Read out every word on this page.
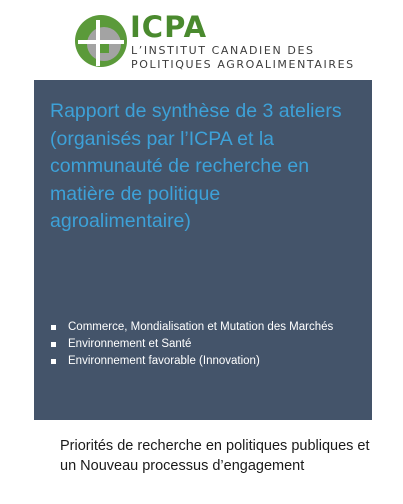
ICPA
L’INSTITUT CANADIEN DES
POLITIQUES AGROALIMENTAIRES
Rapport de synthèse de 3 ateliers (organisés par l’ICPA et la communauté de recherche en matière de politique agroalimentaire)
Commerce, Mondialisation et Mutation des Marchés
Environnement et Santé
Environnement favorable (Innovation)
Priorités de recherche en politiques publiques et un Nouveau processus d’engagement
